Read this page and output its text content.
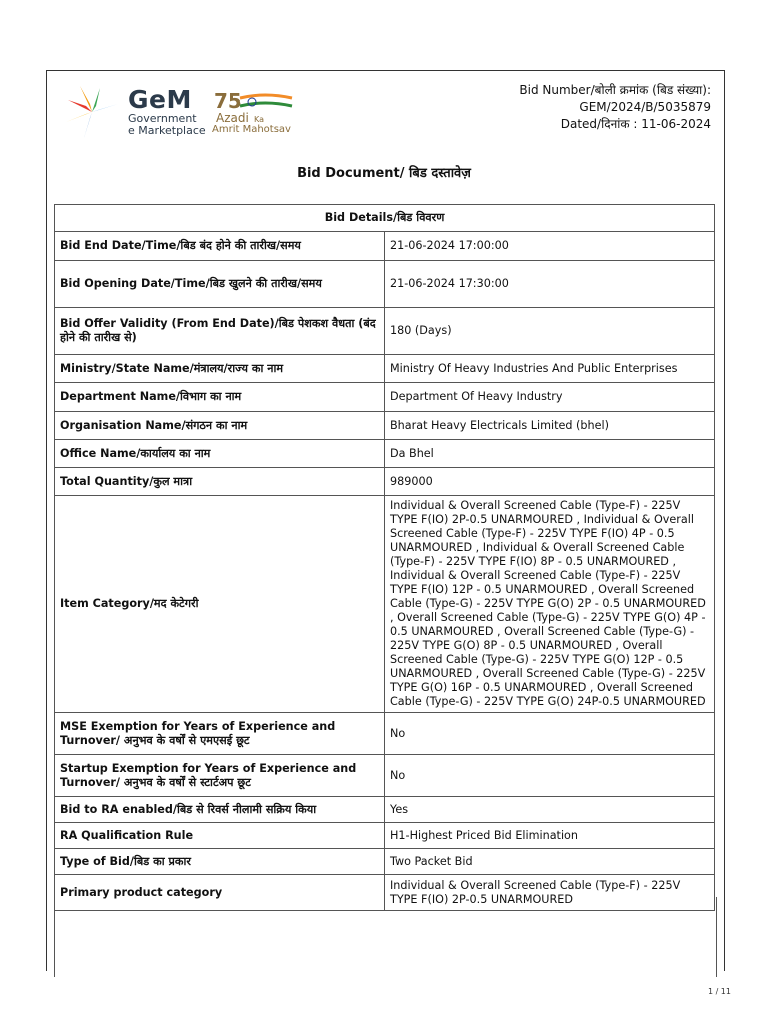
GeM
Government
e Marketplace
75
Azadi Ka
Amrit Mahotsav
Bid Number/बोली क्रमांक (बिड संख्या):
GEM/2024/B/5035879
Dated/दिनांक : 11-06-2024
Bid Document/ बिड दस्तावेज़
Bid Details/बिड विवरण	
Bid End Date/Time/बिड बंद होने की तारीख/समय	21-06-2024 17:00:00
Bid Opening Date/Time/बिड खुलने की तारीख/समय	21-06-2024 17:30:00
Bid Offer Validity (From End Date)/बिड पेशकश वैधता (बंद होने की तारीख से)	180 (Days)
Ministry/State Name/मंत्रालय/राज्य का नाम	Ministry Of Heavy Industries And Public Enterprises
Department Name/विभाग का नाम	Department Of Heavy Industry
Organisation Name/संगठन का नाम	Bharat Heavy Electricals Limited (bhel)
Office Name/कार्यालय का नाम	Da Bhel
Total Quantity/कुल मात्रा	989000
Item Category/मद केटेगरी	Individual & Overall Screened Cable (Type-F) - 225V TYPE F(IO) 2P-0.5 UNARMOURED , Individual & Overall Screened Cable (Type-F) - 225V TYPE F(IO) 4P - 0.5 UNARMOURED , Individual & Overall Screened Cable (Type-F) - 225V TYPE F(IO) 8P - 0.5 UNARMOURED , Individual & Overall Screened Cable (Type-F) - 225V TYPE F(IO) 12P - 0.5 UNARMOURED , Overall Screened Cable (Type-G) - 225V TYPE G(O) 2P - 0.5 UNARMOURED , Overall Screened Cable (Type-G) - 225V TYPE G(O) 4P - 0.5 UNARMOURED , Overall Screened Cable (Type-G) - 225V TYPE G(O) 8P - 0.5 UNARMOURED , Overall Screened Cable (Type-G) - 225V TYPE G(O) 12P - 0.5 UNARMOURED , Overall Screened Cable (Type-G) - 225V TYPE G(O) 16P - 0.5 UNARMOURED , Overall Screened Cable (Type-G) - 225V TYPE G(O) 24P-0.5 UNARMOURED
MSE Exemption for Years of Experience and Turnover/ अनुभव के वर्षों से एमएसई छूट	No
Startup Exemption for Years of Experience and Turnover/ अनुभव के वर्षों से स्टार्टअप छूट	No
Bid to RA enabled/बिड से रिवर्स नीलामी सक्रिय किया	Yes
RA Qualification Rule	H1-Highest Priced Bid Elimination
Type of Bid/बिड का प्रकार	Two Packet Bid
Primary product category	Individual & Overall Screened Cable (Type-F) - 225V TYPE F(IO) 2P-0.5 UNARMOURED
1 / 11
